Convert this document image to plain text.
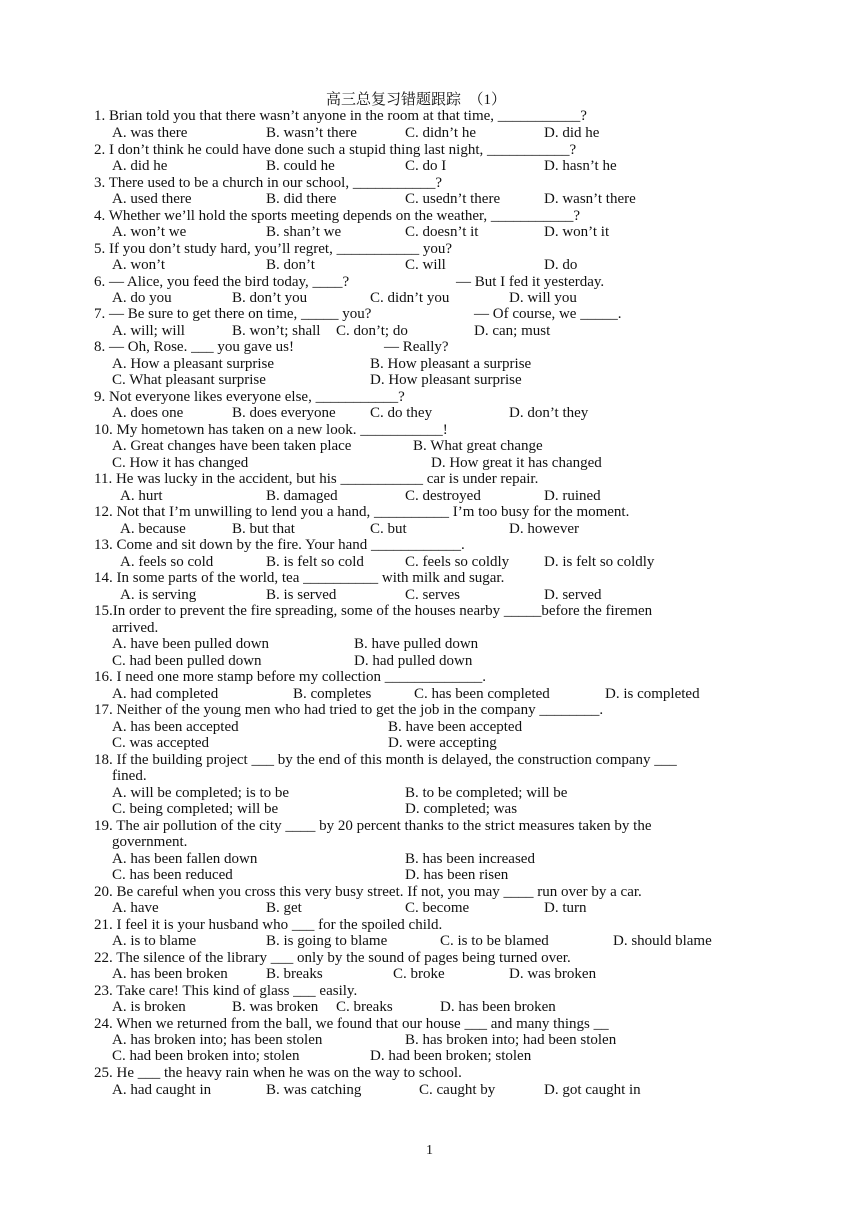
高三总复习错题跟踪　（1）
1. Brian told you that there wasn’t anyone in the room at that time, ___________?

A. was there

	B. wasn’t there

	C. didn’t he

	D. did he

2. I don’t think he could have done such a stupid thing last night, ___________?

A. did he

	B. could he

	C. do I

	D. hasn’t he

3. There used to be a church in our school, ___________?

A. used there

	B. did there

	C. usedn’t there

	D. wasn’t there

4. Whether we’ll hold the sports meeting depends on the weather, ___________?

A. won’t we

	B. shan’t we

	C. doesn’t it

	D. won’t it

5. If you don’t study hard, you’ll regret, ___________ you?

A. won’t

	B. don’t

	C. will

	D. do

6. — Alice, you feed the bird today, ____?

	— But I fed it yesterday.

A. do you

	B. don’t you

	C. didn’t you

	D. will you

7. — Be sure to get there on time, _____ you?

	— Of course, we _____.

A. will; will

	B. won’t; shall

C. don’t; do

	D. can; must

8. — Oh, Rose. ___ you gave us!

	— Really?

A. How a pleasant surprise

	B. How pleasant a surprise

C. What pleasant surprise

	D. How pleasant surprise

9. Not everyone likes everyone else, ___________?

A. does one

	B. does everyone

C. do they

	D. don’t they

10. My hometown has taken on a new look. ___________!

A. Great changes have been taken place

	B. What great change

C. How it has changed

	D. How great it has changed

11. He was lucky in the accident, but his ___________ car is under repair.

A. hurt

	B. damaged

	C. destroyed

	D. ruined

12. Not that I’m unwilling to lend you a hand, __________ I’m too busy for the moment.

A. because

	B. but that

	C. but

	D. however

13. Come and sit down by the fire. Your hand ____________.

A. feels so cold

	B. is felt so cold

	C. feels so coldly

D. is felt so coldly

14. In some parts of the world, tea __________ with milk and sugar.

A. is serving

	B. is served

	C. serves

	D. served

15.In order to prevent the fire spreading, some of the houses nearby _____before the firemen
arrived.

A. have been pulled down

	B. have pulled down

C. had been pulled down

	D. had pulled down

16. I need one more stamp before my collection _____________.

A. had completed

	B. completes

	C. has been completed

	D. is completed

17. Neither of the young men who had tried to get the job in the company ________.

A. has been accepted

	B. have been accepted

C. was accepted

	D. were accepting

18. If the building project ___ by the end of this month is delayed, the construction company ___
fined.

A. will be completed; is to be

	B. to be completed; will be

C. being completed; will be

	D. completed; was

19. The air pollution of the city ____ by 20 percent thanks to the strict measures taken by the
government.

A. has been fallen down

	B. has been increased

C. has been reduced

	D. has been risen

20. Be careful when you cross this very busy street. If not, you may ____ run over by a car.

A. have

	B. get

	C. become

	D. turn

21. I feel it is your husband who ___ for the spoiled child.

A. is to blame

	B. is going to blame

	C. is to be blamed

	D. should blame

22. The silence of the library ___ only by the sound of pages being turned over.

A. has been broken

	B. breaks

	C. broke

	D. was broken

23. Take care! This kind of glass ___ easily.

A. is broken

	B. was broken

C. breaks

	D. has been broken

24. When we returned from the ball, we found that our house ___ and many things __

A. has broken into; has been stolen

	B. has broken into; had been stolen

C. had been broken into; stolen

	D. had been broken; stolen

25. He ___ the heavy rain when he was on the way to school.

A. had caught in

	B. was catching

	C. caught by

	D. got caught in

1
